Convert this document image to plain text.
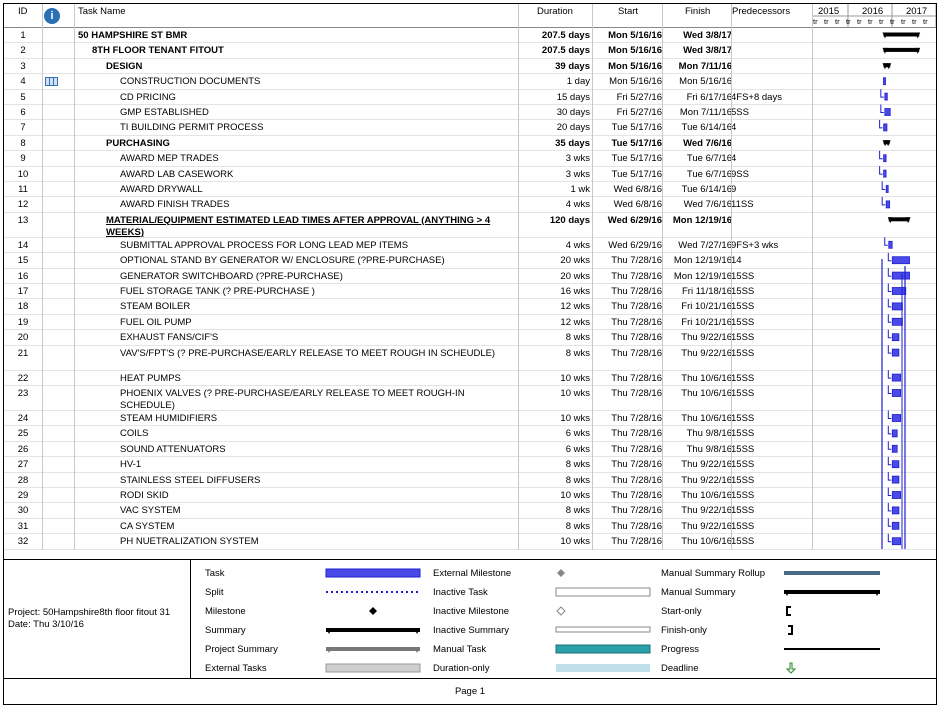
ID	i	Task Name	Duration	Start	Finish Predecessors
1	50 HAMPSHIRE ST BMR	207.5 days	Mon 5/16/16	Wed 3/8/17
2	8TH FLOOR TENANT FITOUT	207.5 days	Mon 5/16/16	Wed 3/8/17
3	DESIGN	39 days	Mon 5/16/16	Mon 7/11/16
4	CONSTRUCTION DOCUMENTS	1 day	Mon 5/16/16	Mon 5/16/16
5	CD PRICING	15 days	Fri 5/27/16	Fri 6/17/16 4FS+8 days
6	GMP ESTABLISHED	30 days	Fri 5/27/16	Mon 7/11/16 5SS
7	TI BUILDING PERMIT PROCESS	20 days	Tue 5/17/16	Tue 6/14/16 4
8	PURCHASING	35 days	Tue 5/17/16	Wed 7/6/16
9	AWARD MEP TRADES	3 wks	Tue 5/17/16	Tue 6/7/16 4
10	AWARD LAB CASEWORK	3 wks	Tue 5/17/16	Tue 6/7/16 9SS
11	AWARD DRYWALL	1 wk	Wed 6/8/16	Tue 6/14/16 9
12	AWARD FINISH TRADES	4 wks	Wed 6/8/16	Wed 7/6/16 11SS
13	MATERIAL/EQUIPMENT ESTIMATED LEAD TIMES AFTER APPROVAL (ANYTHING > 4 WEEKS)
120 days	Wed 6/29/16	Mon 12/19/16
14	SUBMITTAL APPROVAL PROCESS FOR LONG LEAD MEP ITEMS	4 wks	Wed 6/29/16	Wed 7/27/16 9FS+3 wks
15	OPTIONAL STAND BY GENERATOR W/ ENCLOSURE (?PRE-PURCHASE)	20 wks	Thu 7/28/16	Mon 12/19/16 14
16	GENERATOR SWITCHBOARD (?PRE-PURCHASE)	20 wks	Thu 7/28/16	Mon 12/19/16 15SS
17	FUEL STORAGE TANK (? PRE-PURCHASE )	16 wks	Thu 7/28/16	Fri 11/18/16 15SS
18	STEAM BOILER	12 wks	Thu 7/28/16	Fri 10/21/16 15SS
19	FUEL OIL PUMP	12 wks	Thu 7/28/16	Fri 10/21/16 15SS
20	EXHAUST FANS/CIF'S	8 wks	Thu 7/28/16	Thu 9/22/16 15SS
21	VAV'S/FPT'S (? PRE-PURCHASE/EARLY RELEASE TO MEET ROUGH IN SCHEUDLE)	8 wks	Thu 7/28/16	Thu 9/22/16 15SS
22	HEAT PUMPS	10 wks	Thu 7/28/16	Thu 10/6/16 15SS
23	PHOENIX VALVES (? PRE-PURCHASE/EARLY RELEASE TO MEET ROUGH-IN SCHEDULE)
10 wks	Thu 7/28/16	Thu 10/6/16 15SS
24	STEAM HUMIDIFIERS	10 wks	Thu 7/28/16	Thu 10/6/16 15SS
25	COILS	6 wks	Thu 7/28/16	Thu 9/8/16 15SS
26	SOUND ATTENUATORS	6 wks	Thu 7/28/16	Thu 9/8/16 15SS
27	HV-1	8 wks	Thu 7/28/16	Thu 9/22/16 15SS
28	STAINLESS STEEL DIFFUSERS	8 wks	Thu 7/28/16	Thu 9/22/16 15SS
29	RODI SKID	10 wks	Thu 7/28/16	Thu 10/6/16 15SS
30	VAC SYSTEM	8 wks	Thu 7/28/16	Thu 9/22/16 15SS
31	CA SYSTEM	8 wks	Thu 7/28/16	Thu 9/22/16 15SS
32	PH NUETRALIZATION SYSTEM	10 wks	Thu 7/28/16	Thu 10/6/16 15SS
2015 2016 2017
tr tr tr tr tr tr tr tr tr tr tr
Project: 50Hampshire8th floor fitout 31
Date: Thu 3/10/16
Task
Split
Milestone
Summary
Project Summary
External Tasks
External Milestone
Inactive Task
Inactive Milestone
Inactive Summary
Manual Task
Duration-only
Manual Summary Rollup
Manual Summary
Start-only
Finish-only
Progress
Deadline
Page 1
